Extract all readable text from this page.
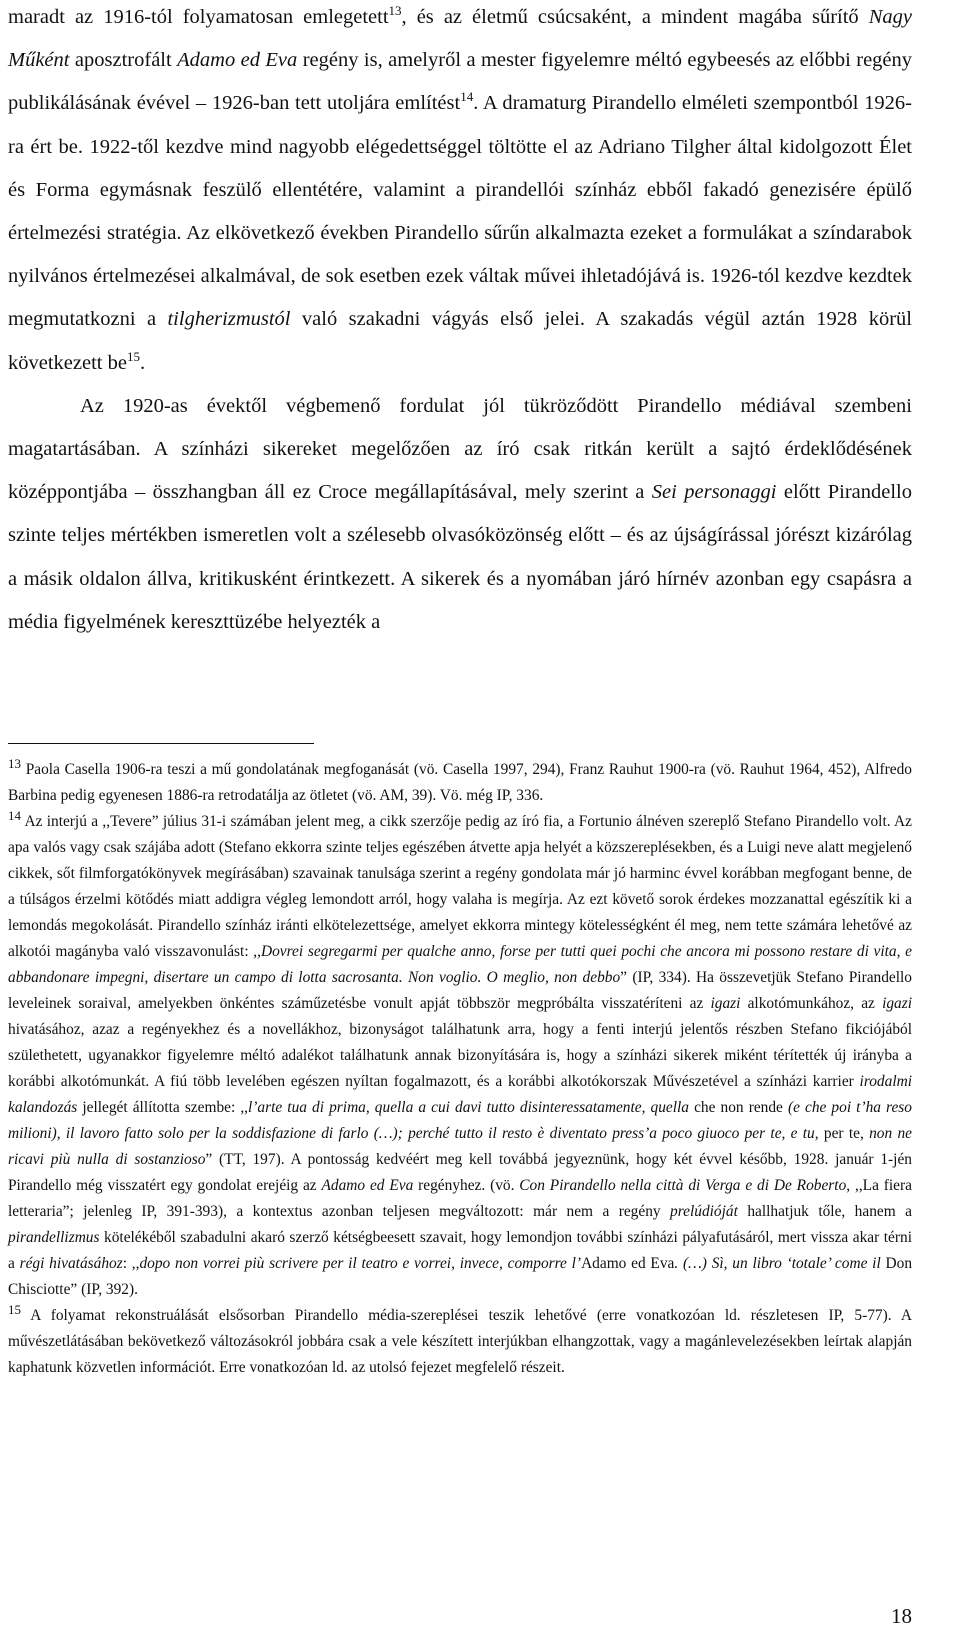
maradt az 1916-tól folyamatosan emlegetett$^{13}$, és az életmű csúcsaként, a mindent magába sűrítő Nagy Műként aposztrofált Adamo ed Eva regény is, amelyről a mester figyelemre méltó egybeesés az előbbi regény publikálásának évével – 1926-ban tett utoljára említést$^{14}$. A dramaturg Pirandello elméleti szempontból 1926-ra ért be. 1922-től kezdve mind nagyobb elégedettséggel töltötte el az Adriano Tilgher által kidolgozott Élet és Forma egymásnak feszülő ellentétére, valamint a pirandellói színház ebből fakadó genezisére épülő értelmezési stratégia. Az elkövetkező években Pirandello sűrűn alkalmazta ezeket a formulákat a színdarabok nyilvános értelmezései alkalmával, de sok esetben ezek váltak művei ihletadójává is. 1926-tól kezdve kezdtek megmutatkozni a tilgherizmustól való szakadni vágyás első jelei. A szakadás végül aztán 1928 körül következett $be^{15}$.

Az 1920-as évektől végbemenő fordulat jól tükröződött Pirandello médiával szembeni magatartásában. A színházi sikereket megelőzően az író csak ritkán került a sajtó érdeklődésének középpontjába – összhangban áll ez Croce megállapításával, mely szerint a Sei personaggi előtt Pirandello szinte teljes mértékben ismeretlen volt a szélesebb olvasóközönség előtt – és az újságírással jórészt kizárólag a másik oldalon állva, kritikusként érintkezett. A sikerek és a nyomában járó hírnév azonban egy csapásra a média figyelmének kereszttüzébe helyezték a

$^{13}$ Paola Casella 1906-ra teszi a mű gondolatának megfoganását (vö. Casella 1997, 294), Franz Rauhut 1900-ra (vö. Rauhut 1964, 452), Alfredo Barbina pedig egyenesen 1886-ra retrodatálja az ötletet (vö. AM, 39). Vö. még IP, 336.

$^{14}$ Az interjú a ,,Tevere” július 31-i számában jelent meg, a cikk szerzője pedig az író fia, a Fortunio álnéven szereplő Stefano Pirandello volt. Az apa valós vagy csak szájába adott (Stefano ekkorra szinte teljes egészében átvette apja helyét a közszereplésekben, és a Luigi neve alatt megjelenő cikkek, sőt filmforgatókönyvek megírásában) szavainak tanulsága szerint a regény gondolata már jó harminc évvel korábban megfogant benne, de a túlságos érzelmi kötődés miatt addigra végleg lemondott arról, hogy valaha is megírja. Az ezt követő sorok érdekes mozzanattal egészítik ki a lemondás megokolását. Pirandello színház iránti elkötelezettsége, amelyet ekkorra mintegy kötelességként él meg, nem tette számára lehetővé az alkotói magányba való visszavonulást: ,,Dovrei segregarmi per qualche anno, forse per tutti quei pochi che ancora mi possono restare di vita, e abbandonare impegni, disertare un campo di lotta sacrosanta. Non voglio. O meglio, non debbo” (IP, 334). Ha összevetjük Stefano Pirandello leveleinek soraival, amelyekben önkéntes száműzetésbe vonult apját többször megpróbálta visszatéríteni az igazi alkotómunkához, az igazi hivatásához, azaz a regényekhez és a novellákhoz, bizonyságot találhatunk arra, hogy a fenti interjú jelentős részben Stefano fikciójából születhetett, ugyanakkor figyelemre méltó adalékot találhatunk annak bizonyítására is, hogy a színházi sikerek miként térítették új irányba a korábbi alkotómunkát. A fiú több levelében egészen nyíltan fogalmazott, és a korábbi alkotókorszak Művészetével a színházi karrier irodalmi kalandozás jellegét állította szembe: ,,l’arte tua di prima, quella a cui davi tutto disinteressatamente, quella che non rende (e che poi t’ha reso milioni), il lavoro fatto solo per la soddisfazione di farlo (…); perché tutto il resto è diventato press’a poco giuoco per te, e tu, per te, non ne ricavi più nulla di sostanzioso” (TT, 197). A pontosság kedvéért meg kell továbbá jegyeznünk, hogy két évvel később, 1928. január 1-jén Pirandello még visszatért egy gondolat erejéig az Adamo ed Eva regényhez. (vö. Con Pirandello nella città di Verga e di De Roberto, ,,La fiera letteraria”; jelenleg IP, 391-393), a kontextus azonban teljesen megváltozott: már nem a regény prelúdióját hallhatjuk tőle, hanem a pirandellizmus kötelékéből szabadulni akaró szerző kétségbeesett szavait, hogy lemondjon további színházi pályafutásáról, mert vissza akar térni a régi hivatásához: ,,dopo non vorrei più scrivere per il teatro e vorrei, invece, comporre l’Adamo ed Eva. (…) Sì, un libro ‘totale’ come il Don Chisciotte” (IP, 392).

$^{15}$ A folyamat rekonstruálását elsősorban Pirandello média-szereplései teszik lehetővé (erre vonatkozóan ld. részletesen IP, 5-77). A művészetlátásában bekövetkező változásokról jobbára csak a vele készített interjúkban elhangzottak, vagy a magánlevelezésekben leírtak alapján kaphatunk közvetlen információt. Erre vonatkozóan ld. az utolsó fejezet megfelelő részeit.

18
